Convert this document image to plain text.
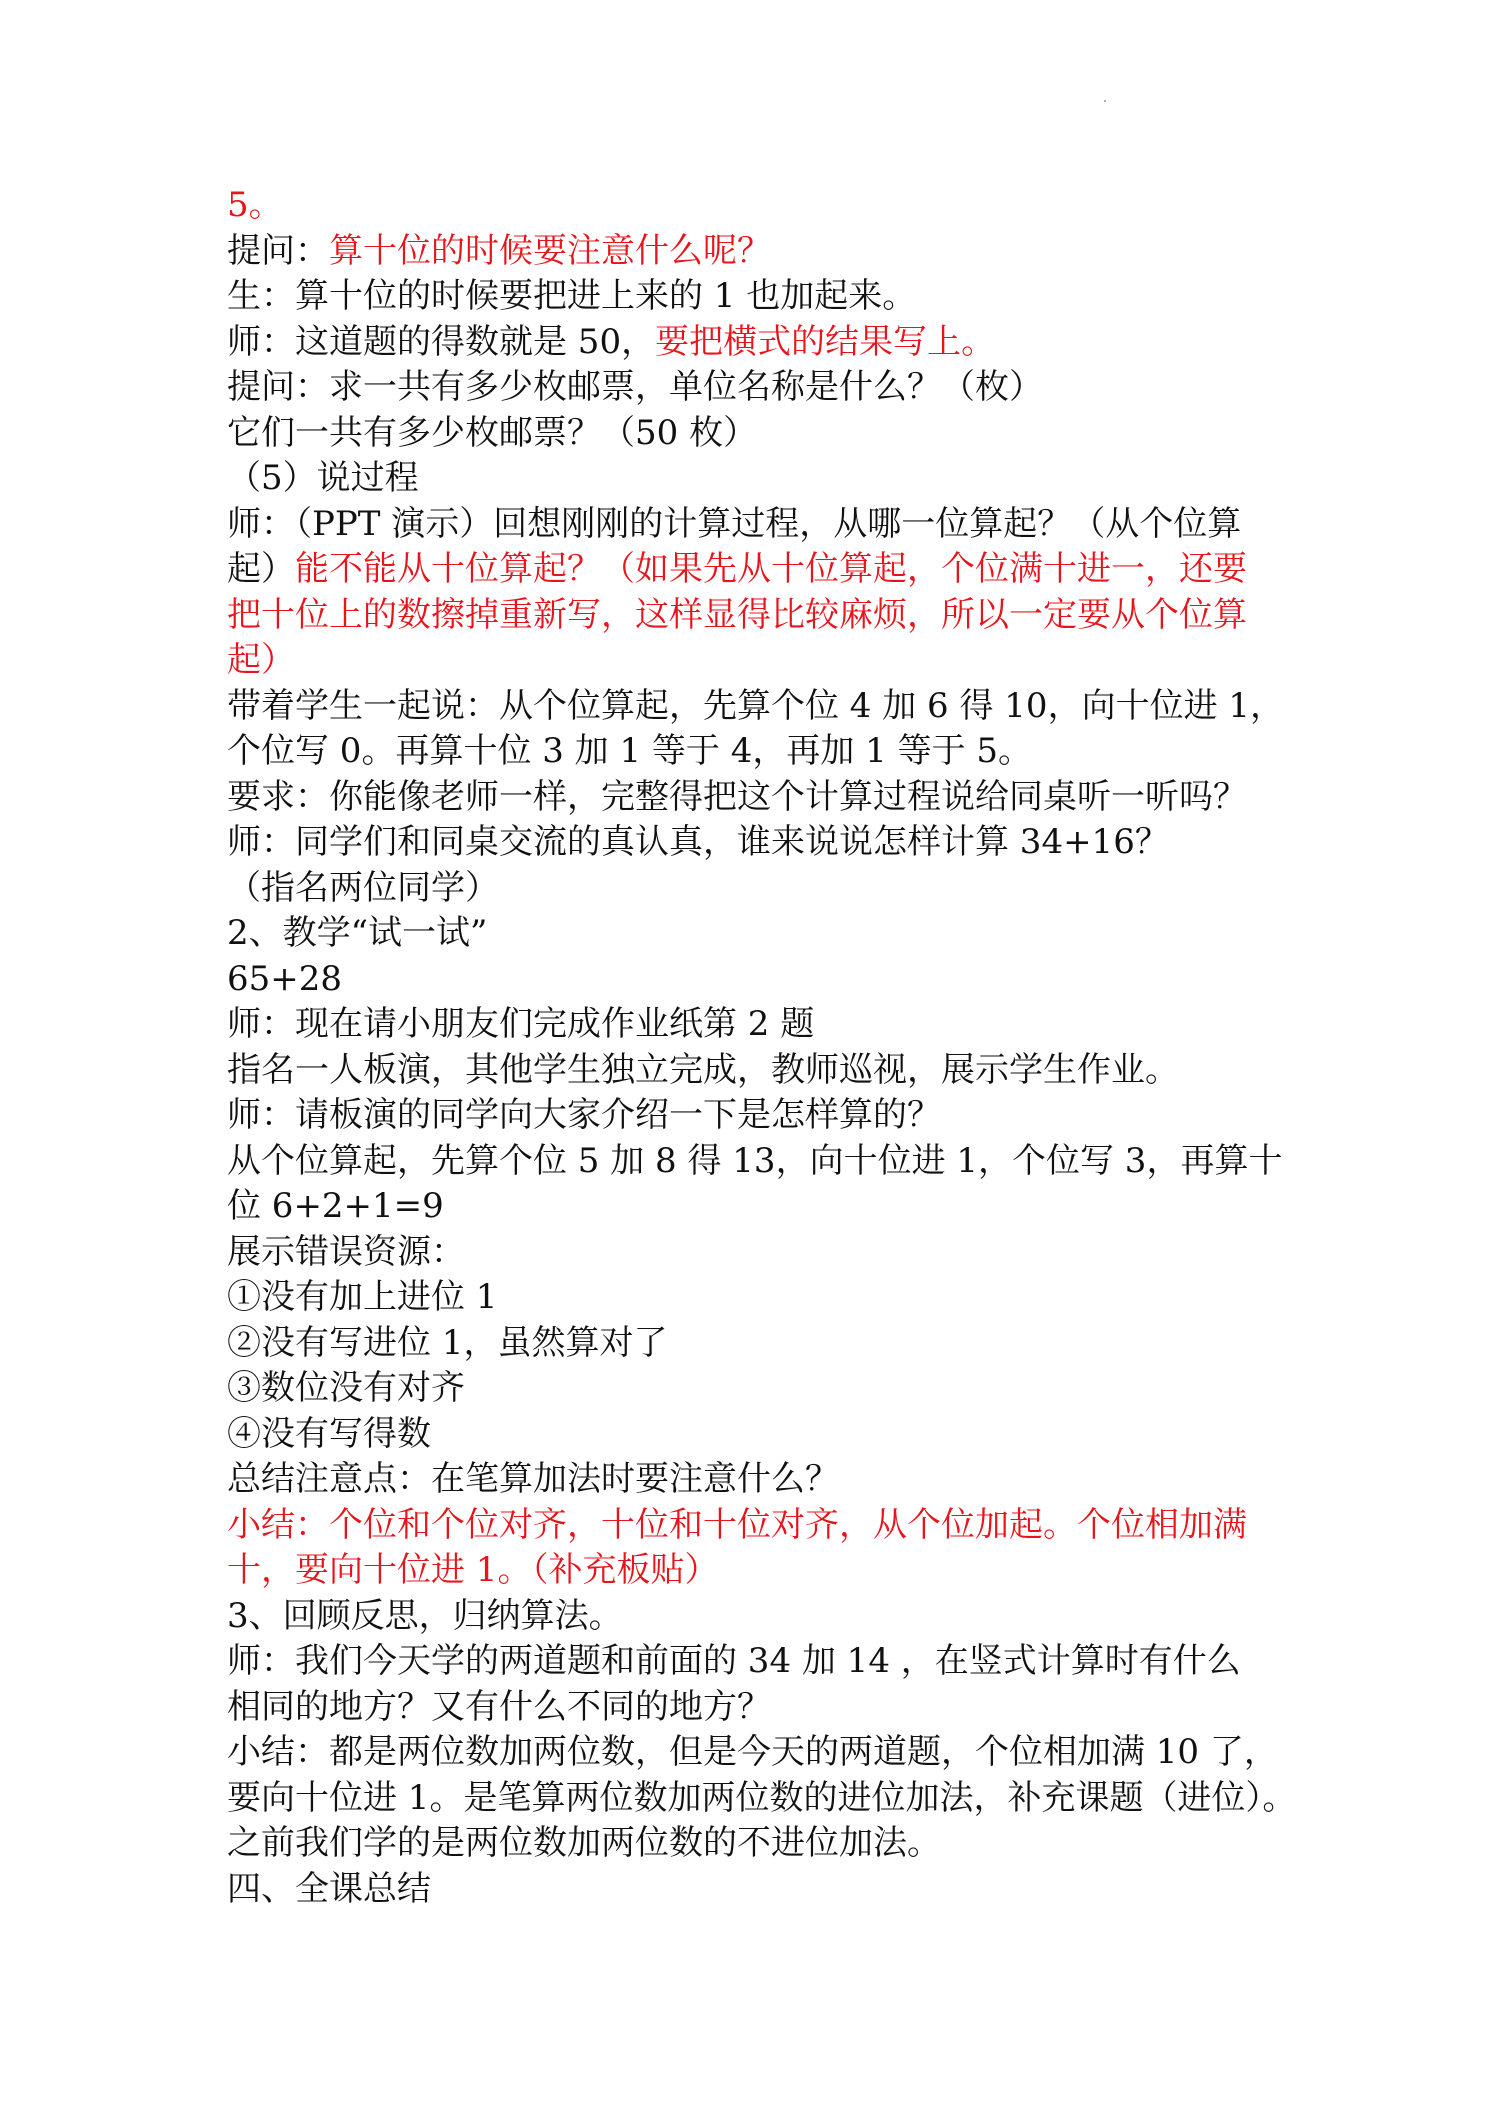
5。
提问：算十位的时候要注意什么呢？
生：算十位的时候要把进上来的 1 也加起来。
师：这道题的得数就是 50，要把横式的结果写上。
提问：求一共有多少枚邮票，单位名称是什么？（枚）
它们一共有多少枚邮票？（50 枚）
（5）说过程
师：（PPT 演示）回想刚刚的计算过程，从哪一位算起？（从个位算
起）能不能从十位算起？（如果先从十位算起，个位满十进一，还要
把十位上的数擦掉重新写，这样显得比较麻烦，所以一定要从个位算
起）
带着学生一起说：从个位算起，先算个位 4 加 6 得 10，向十位进 1，
个位写 0。再算十位 3 加 1 等于 4，再加 1 等于 5。
要求：你能像老师一样，完整得把这个计算过程说给同桌听一听吗？
师：同学们和同桌交流的真认真，谁来说说怎样计算 34+16？
（指名两位同学）
2、教学“试一试”
65+28
师：现在请小朋友们完成作业纸第 2 题
指名一人板演，其他学生独立完成，教师巡视，展示学生作业。
师：请板演的同学向大家介绍一下是怎样算的？
从个位算起，先算个位 5 加 8 得 13，向十位进 1，个位写 3，再算十
位 6+2+1=9
展示错误资源：
①没有加上进位 1
②没有写进位 1，虽然算对了
③数位没有对齐
④没有写得数
总结注意点：在笔算加法时要注意什么？
小结：个位和个位对齐，十位和十位对齐，从个位加起。个位相加满
十，要向十位进 1。（补充板贴）
3、回顾反思，归纳算法。
师：我们今天学的两道题和前面的 34 加 14 ，在竖式计算时有什么
相同的地方？又有什么不同的地方？
小结：都是两位数加两位数，但是今天的两道题，个位相加满 10 了，
要向十位进 1。是笔算两位数加两位数的进位加法，补充课题（进位）。
之前我们学的是两位数加两位数的不进位加法。
四、全课总结
